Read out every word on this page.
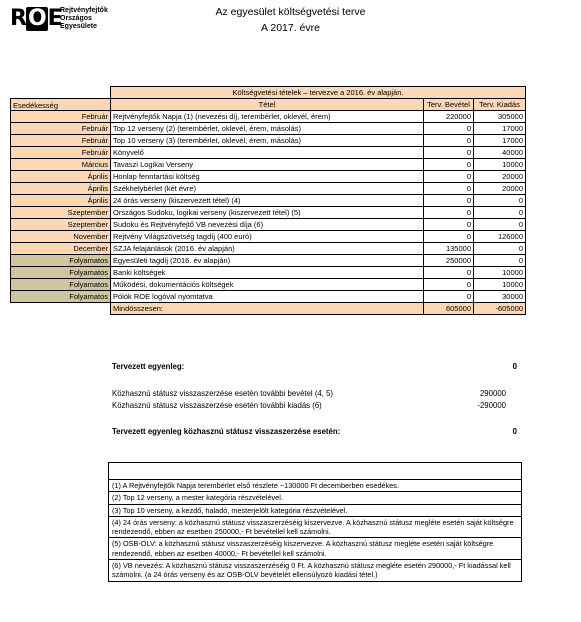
ROE
Rejtvényfejtők
Országos
Egyesülete
Az egyesület költségvetési terve
A 2017. évre
	Költségvetési tételek – tervezve a 2016. év alapján.		
Esedékesség	Tétel	Terv. Bevétel	Terv. Kiadás
Február	Rejtvényfejtők Napja (1) (nevezési díj, terembérlet, oklevél, érem)	220000	305000
Február	Top 12 verseny (2) (terembérlet, oklevél, érem, másolás)	0	17000
Február	Top 10 verseny (3) (terembérlet, oklevél, érem, másolás)	0	17000
Február	Könyvelő	0	40000
Március	Tavaszi Logikai Verseny	0	10000
Április	Honlap fenntartási költség	0	20000
Április	Székhelybérlet (két évre)	0	20000
Április	24 órás verseny (kiszervezett tétel) (4)	0	0
Szeptember	Országos Sudoku, logikai verseny (kiszervezett tétel) (5)	0	0
Szeptember	Sudoku és Rejtvényfejtő VB nevezési díja (6)	0	0
November	Rejtvény Világszövetség tagdíj (400 euró)	0	126000
December	SZJA felajánlások (2016. év alapján)	135000	0
Folyamatos	Egyesületi tagdíj (2016. év alapján)	250000	0
Folyamatos	Banki költségek	0	10000
Folyamatos	Működési, dokumentációs költségek	0	10000
Folyamatos	Pólók ROE logóval nyomtatva	0	30000
	Mindösszesen:	605000	-605000
Tervezett egyenleg:	0
Közhasznú státusz visszaszerzése esetén további bevétel (4, 5)	290000
Közhasznú státusz visszaszerzése esetén további kiadás (6)	-290000
Tervezett egyenleg közhasznú státusz visszaszerzése esetén:	0
(1) A Rejtvényfejtők Napja terembérlet első részlete ~130000 Ft decemberben esedékes.
(2) Top 12 verseny, a mester kategória részvételével.
(3) Top 10 verseny, a kezdő, haladó, mesterjelölt kategória részvételével.
(4) 24 órás verseny: a közhasznú státusz visszaszerzéséig kiszervezve. A közhasznú státusz megléte esetén saját költségre rendezendő, ebben az esetben 250000,- Ft bevétellel kell számolni.
(5) OSB-OLV: a közhasznú státusz visszaszerzéséig kiszervezve. A közhasznú státusz megléte esetén saját költségre rendezendő, ebben az esetben 40000,- Ft bevétellel kell számolni.
(6) VB nevezés: A közhasznú státusz visszaszerzéséig 0 Ft. A közhasznú státusz megléte esetén 290000,- Ft kiadással kell számolni. (a 24 órás verseny és az OSB-OLV bevételét ellensúlyozó kiadási tétel.)
